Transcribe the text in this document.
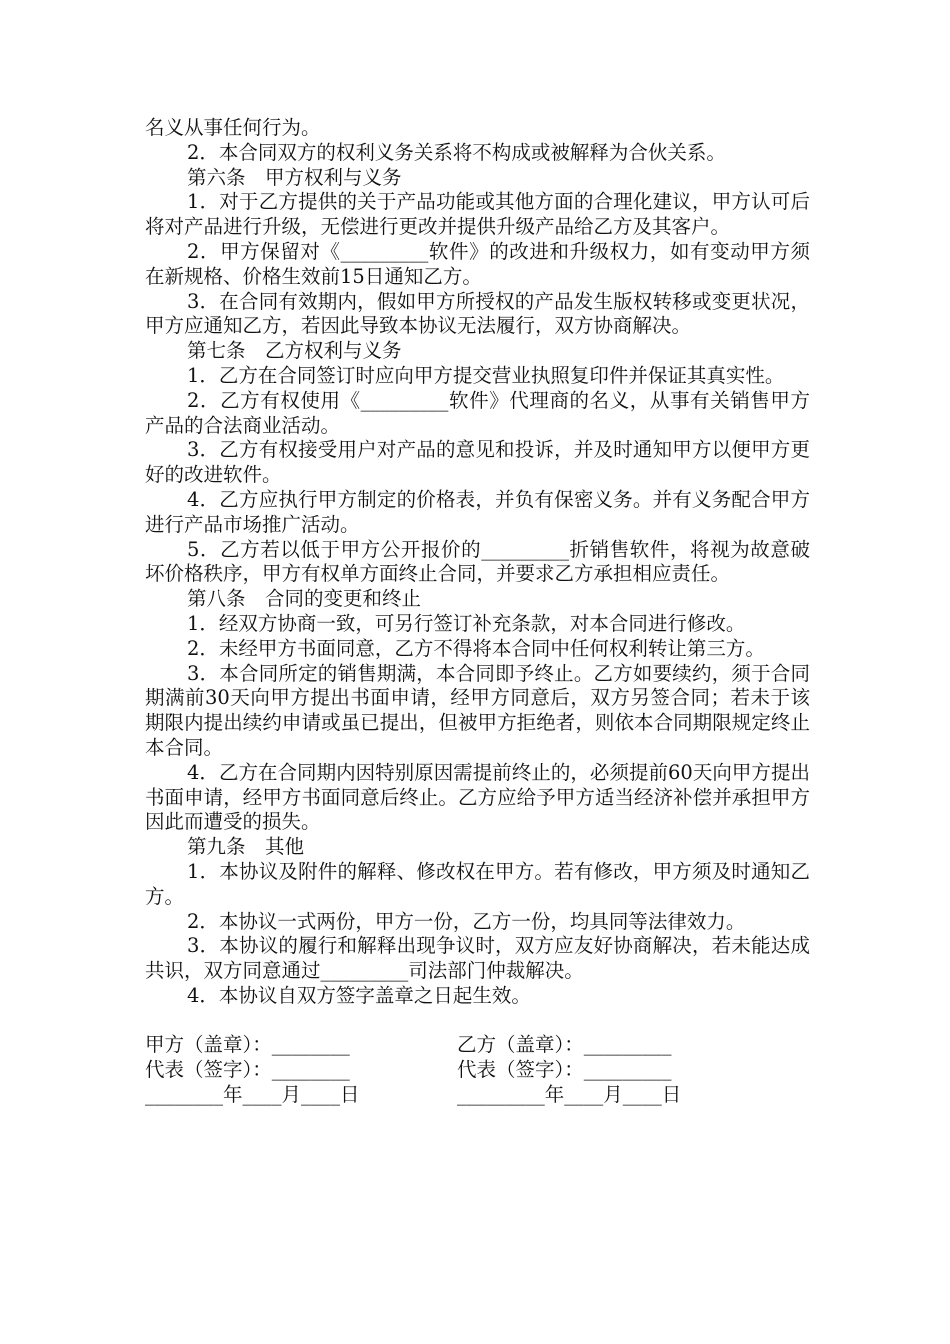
名义从事任何行为。

2．本合同双方的权利义务关系将不构成或被解释为合伙关系。

第六条　甲方权利与义务

1．对于乙方提供的关于产品功能或其他方面的合理化建议，甲方认可后将对产品进行升级，无偿进行更改并提供升级产品给乙方及其客户。

2．甲方保留对《_________软件》的改进和升级权力，如有变动甲方须在新规格、价格生效前15日通知乙方。

3．在合同有效期内，假如甲方所授权的产品发生版权转移或变更状况，甲方应通知乙方，若因此导致本协议无法履行，双方协商解决。

第七条　乙方权利与义务

1．乙方在合同签订时应向甲方提交营业执照复印件并保证其真实性。

2．乙方有权使用《_________软件》代理商的名义，从事有关销售甲方产品的合法商业活动。

3．乙方有权接受用户对产品的意见和投诉，并及时通知甲方以便甲方更好的改进软件。

4．乙方应执行甲方制定的价格表，并负有保密义务。并有义务配合甲方进行产品市场推广活动。

5．乙方若以低于甲方公开报价的_________折销售软件，将视为故意破坏价格秩序，甲方有权单方面终止合同，并要求乙方承担相应责任。

第八条　合同的变更和终止

1．经双方协商一致，可另行签订补充条款，对本合同进行修改。

2．未经甲方书面同意，乙方不得将本合同中任何权利转让第三方。

3．本合同所定的销售期满，本合同即予终止。乙方如要续约，须于合同期满前30天向甲方提出书面申请，经甲方同意后，双方另签合同；若未于该期限内提出续约申请或虽已提出，但被甲方拒绝者，则依本合同期限规定终止本合同。

4．乙方在合同期内因特别原因需提前终止的，必须提前60天向甲方提出书面申请，经甲方书面同意后终止。乙方应给予甲方适当经济补偿并承担甲方因此而遭受的损失。

第九条　其他

1．本协议及附件的解释、修改权在甲方。若有修改，甲方须及时通知乙方。

2．本协议一式两份，甲方一份，乙方一份，均具同等法律效力。

3．本协议的履行和解释出现争议时，双方应友好协商解决，若未能达成共识，双方同意通过_________司法部门仲裁解决。

4．本协议自双方签字盖章之日起生效。

甲方（盖章）：________	乙方（盖章）：_________
代表（签字）：________	代表（签字）：_________
________年____月____日	_________年____月____日
